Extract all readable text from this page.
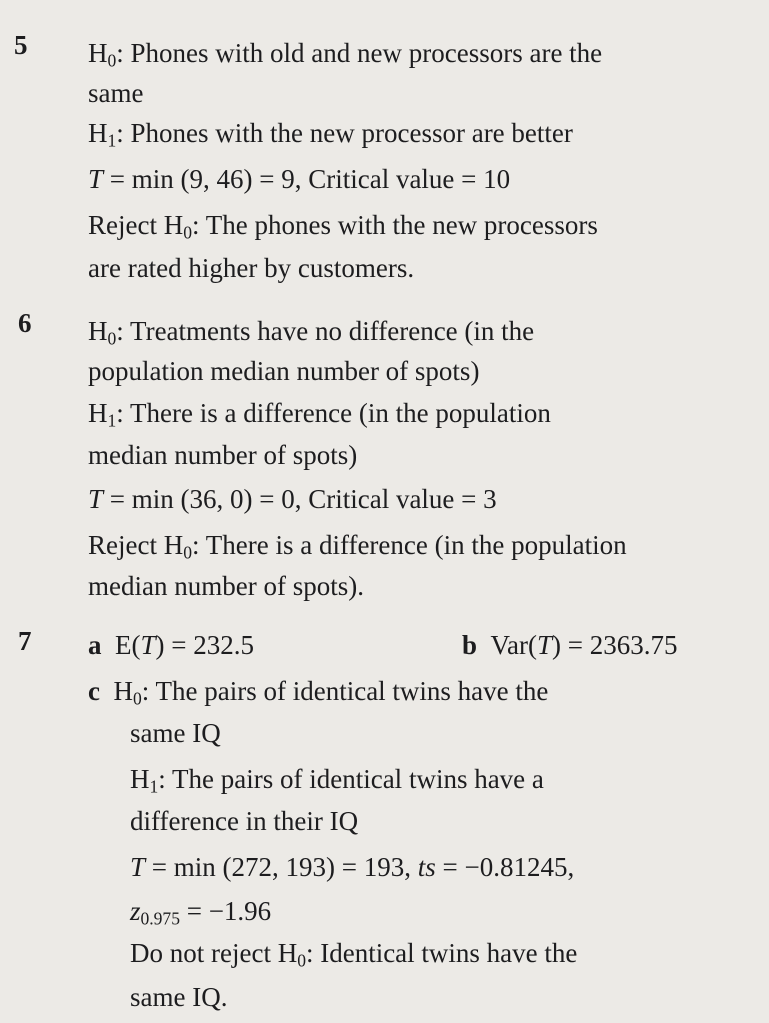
5 $H_0$: Phones with old and new processors are the
same
$H_1$: Phones with the new processor are better
T = min (9, 46) = 9, Critical value = 10
Reject $H_0$: The phones with the new processors
are rated higher by customers.
6 $H_0$: Treatments have no difference (in the
population median number of spots)
$H_1$: There is a difference (in the population
median number of spots)
T = min (36, 0) = 0, Critical value = 3
Reject $H_0$: There is a difference (in the population
median number of spots).
7 a E(T) = 232.5	b Var(T) = 2363.75
c $H_0$: The pairs of identical twins have the
same IQ
$H_1$: The pairs of identical twins have a
difference in their IQ
T = min (272, 193) = 193, ts = −0.81245,
$z_{0.975} = -1.96$
Do not reject $H_0$: Identical twins have the
same IQ.
